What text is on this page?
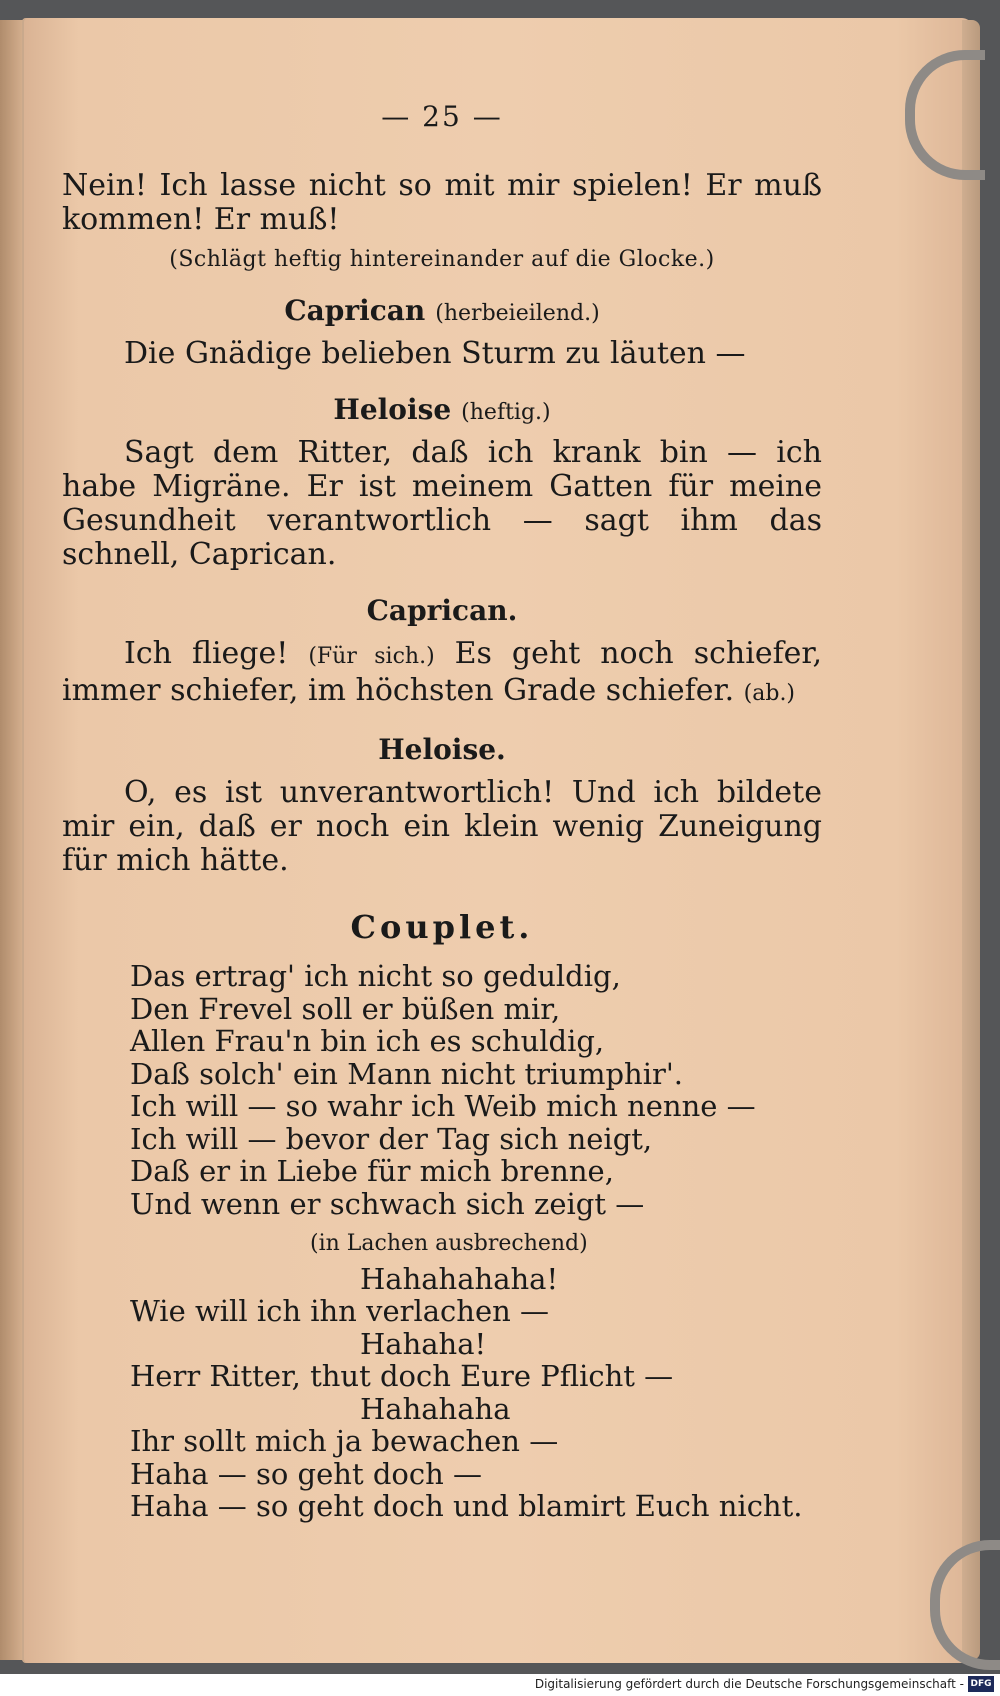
— 25 —

Nein! Ich lasse nicht so mit mir spielen! Er muß kommen! Er muß!

(Schlägt heftig hintereinander auf die Glocke.)
Caprican (herbeieilend.)

Die Gnädige belieben Sturm zu läuten —

Heloise (heftig.)

Sagt dem Ritter, daß ich krank bin — ich habe Migräne. Er ist meinem Gatten für meine Gesundheit verantwortlich — sagt ihm das schnell, Caprican.

Caprican.

Ich fliege! (Für sich.) Es geht noch schiefer, immer schiefer, im höchsten Grade schiefer. (ab.)

Heloise.

O, es ist unverantwortlich! Und ich bildete mir ein, daß er noch ein klein wenig Zuneigung für mich hätte.

Couplet.
Das ertrag' ich nicht so geduldig,
Den Frevel soll er büßen mir,
Allen Frau'n bin ich es schuldig,
Daß solch' ein Mann nicht triumphir'.
Ich will — so wahr ich Weib mich nenne —
Ich will — bevor der Tag sich neigt,
Daß er in Liebe für mich brenne,
Und wenn er schwach sich zeigt —
(in Lachen ausbrechend)
Hahahahaha!
Wie will ich ihn verlachen —
Hahaha!
Herr Ritter, thut doch Eure Pflicht —
Hahahaha
Ihr sollt mich ja bewachen —
Haha — so geht doch —
Haha — so geht doch und blamirt Euch nicht.
Digitalisierung gefördert durch die Deutsche Forschungsgemeinschaft - DFG
